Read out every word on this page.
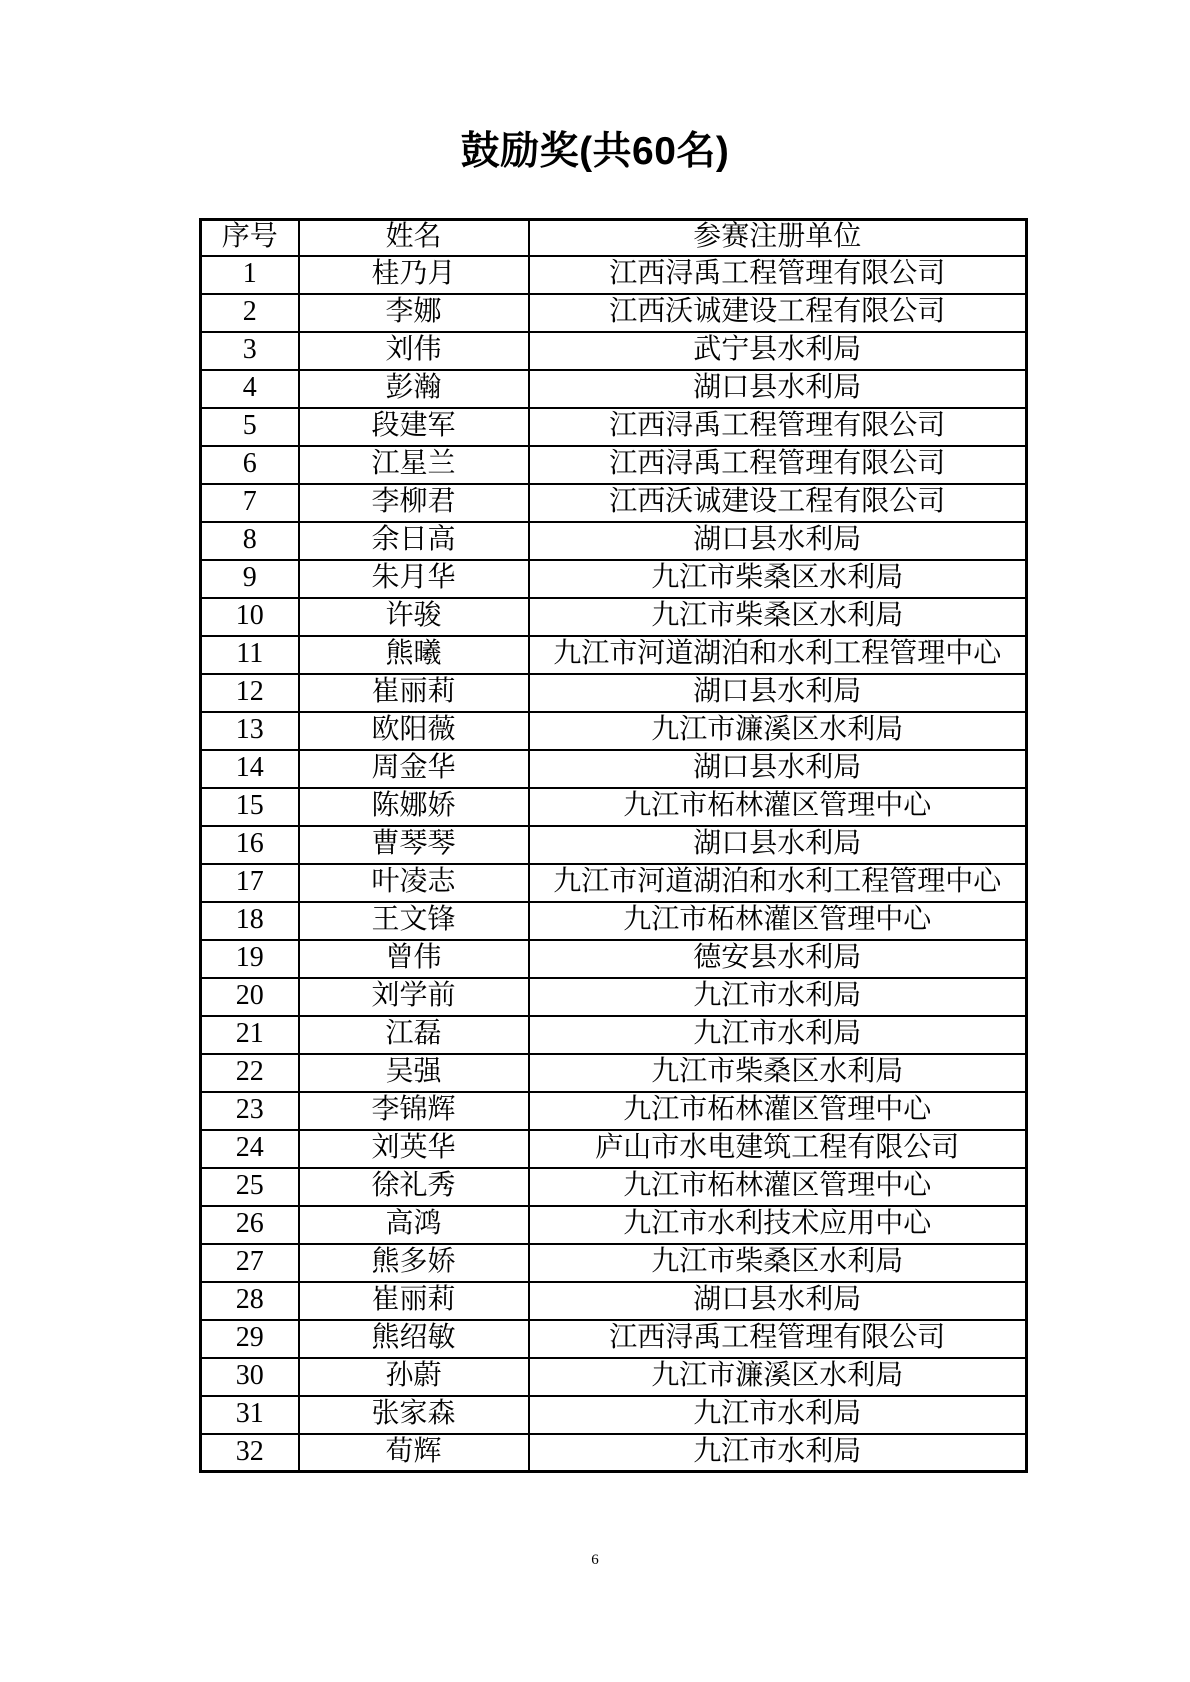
鼓励奖(共60名)
序号	姓名	参赛注册单位
1	桂乃月	江西浔禹工程管理有限公司
2	李娜	江西沃诚建设工程有限公司
3	刘伟	武宁县水利局
4	彭瀚	湖口县水利局
5	段建军	江西浔禹工程管理有限公司
6	江星兰	江西浔禹工程管理有限公司
7	李柳君	江西沃诚建设工程有限公司
8	余日高	湖口县水利局
9	朱月华	九江市柴桑区水利局
10	许骏	九江市柴桑区水利局
11	熊曦	九江市河道湖泊和水利工程管理中心
12	崔丽莉	湖口县水利局
13	欧阳薇	九江市濂溪区水利局
14	周金华	湖口县水利局
15	陈娜娇	九江市柘林灌区管理中心
16	曹琴琴	湖口县水利局
17	叶凌志	九江市河道湖泊和水利工程管理中心
18	王文锋	九江市柘林灌区管理中心
19	曾伟	德安县水利局
20	刘学前	九江市水利局
21	江磊	九江市水利局
22	吴强	九江市柴桑区水利局
23	李锦辉	九江市柘林灌区管理中心
24	刘英华	庐山市水电建筑工程有限公司
25	徐礼秀	九江市柘林灌区管理中心
26	高鸿	九江市水利技术应用中心
27	熊多娇	九江市柴桑区水利局
28	崔丽莉	湖口县水利局
29	熊绍敏	江西浔禹工程管理有限公司
30	孙蔚	九江市濂溪区水利局
31	张家森	九江市水利局
32	荀辉	九江市水利局
6
